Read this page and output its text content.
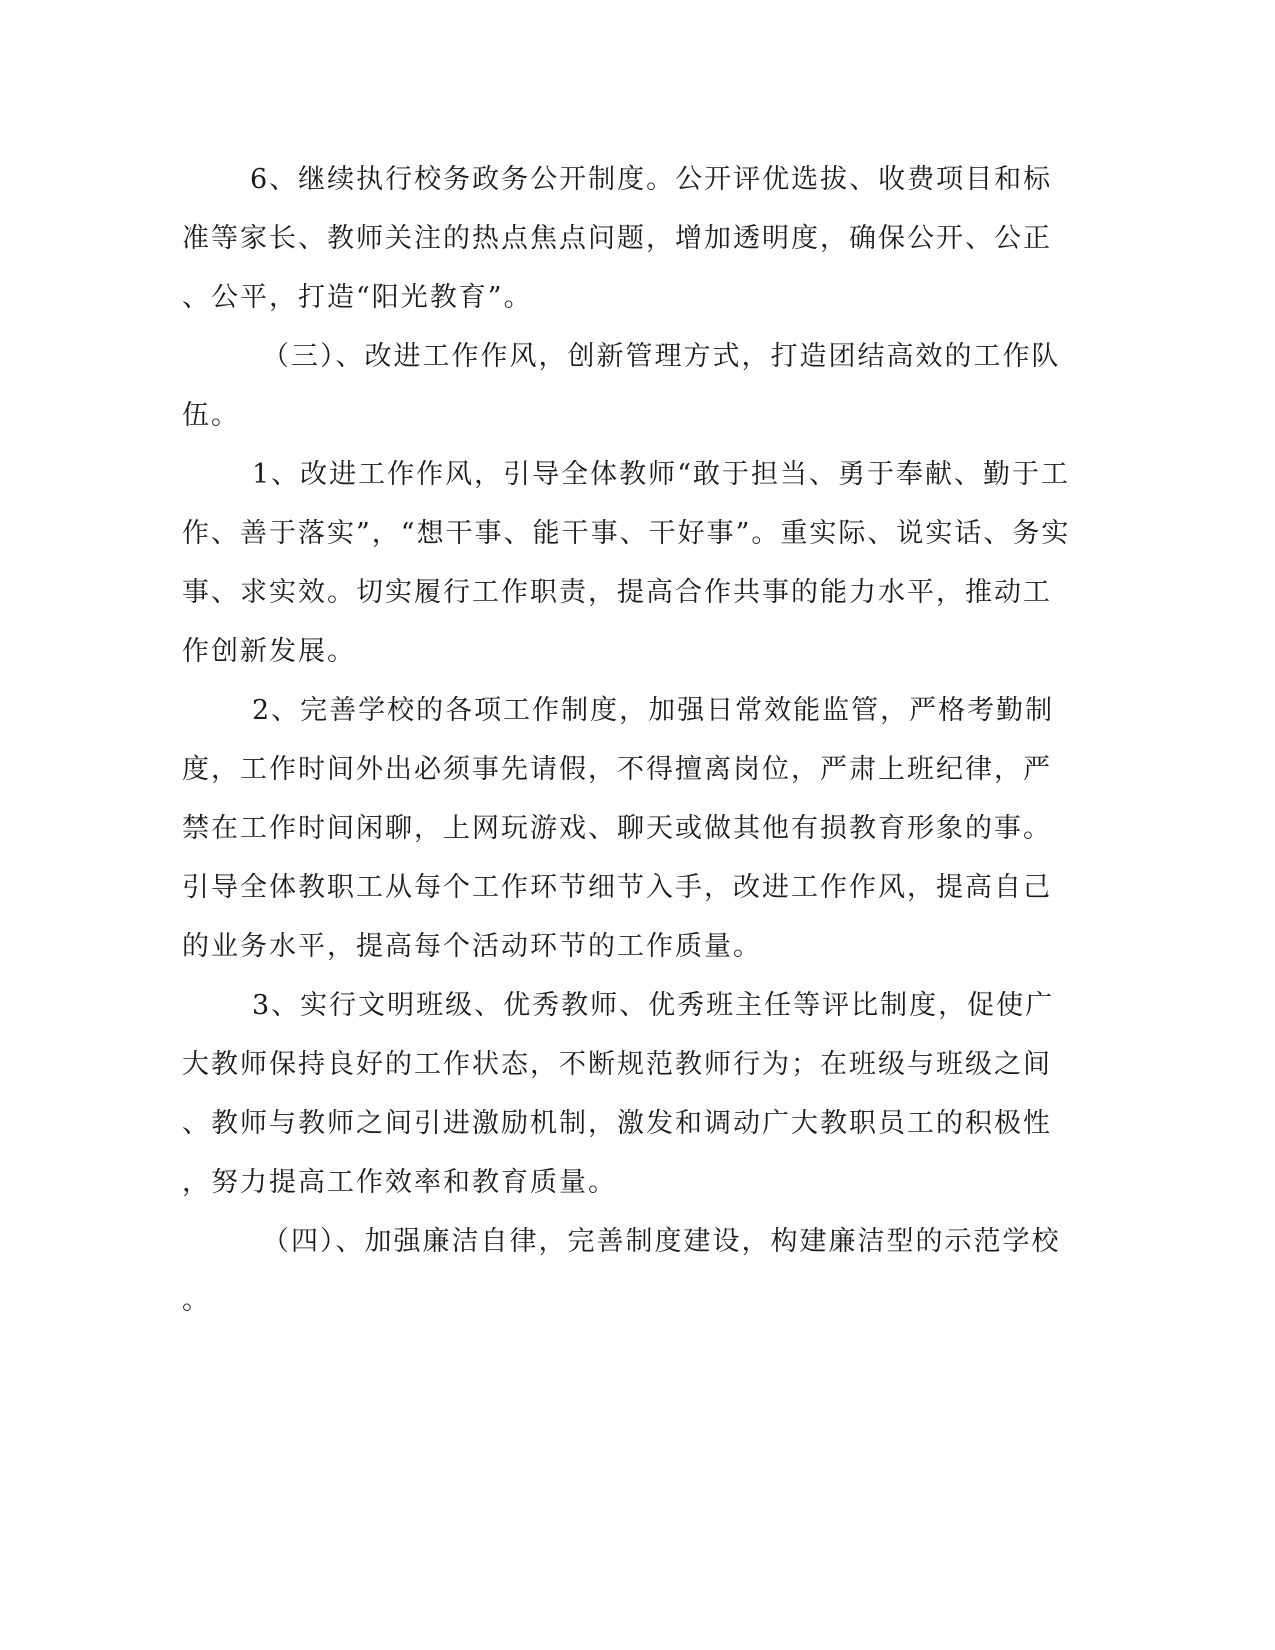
6、继续执行校务政务公开制度。公开评优选拔、收费项目和标
准等家长、教师关注的热点焦点问题，增加透明度，确保公开、公正
、公平，打造“阳光教育”。
（三）、改进工作作风，创新管理方式，打造团结高效的工作队
伍。
1、改进工作作风，引导全体教师“敢于担当、勇于奉献、勤于工
作、善于落实”，“想干事、能干事、干好事”。重实际、说实话、务实
事、求实效。切实履行工作职责，提高合作共事的能力水平，推动工
作创新发展。
2、完善学校的各项工作制度，加强日常效能监管，严格考勤制
度，工作时间外出必须事先请假，不得擅离岗位，严肃上班纪律，严
禁在工作时间闲聊，上网玩游戏、聊天或做其他有损教育形象的事。
引导全体教职工从每个工作环节细节入手，改进工作作风，提高自己
的业务水平，提高每个活动环节的工作质量。
3、实行文明班级、优秀教师、优秀班主任等评比制度，促使广
大教师保持良好的工作状态，不断规范教师行为；在班级与班级之间
、教师与教师之间引进激励机制，激发和调动广大教职员工的积极性
，努力提高工作效率和教育质量。
（四）、加强廉洁自律，完善制度建设，构建廉洁型的示范学校
。
